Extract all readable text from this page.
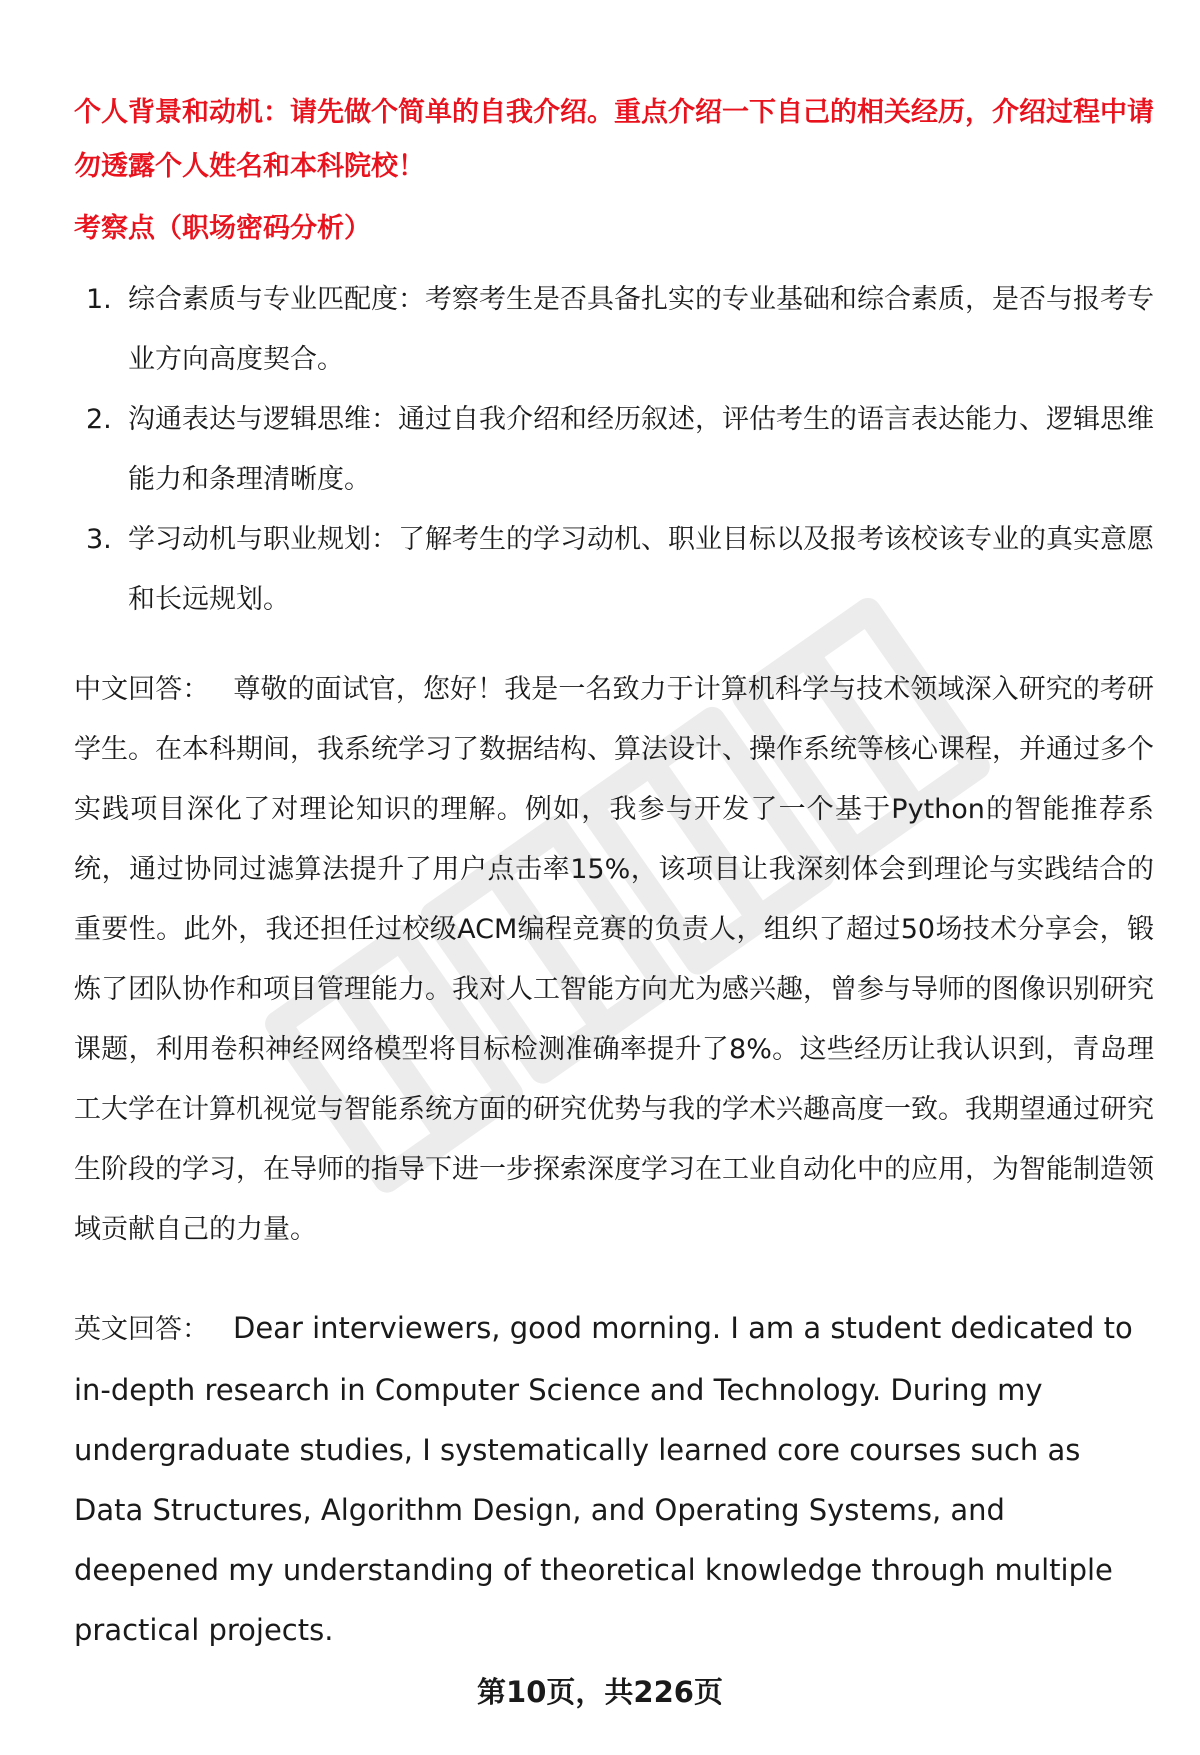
个人背景和动机：请先做个简单的自我介绍。重点介绍一下自己的相关经历，介绍过程中请勿透露个人姓名和本科院校！

考察点（职场密码分析）

1. 综合素质与专业匹配度：考察考生是否具备扎实的专业基础和综合素质，是否与报考专业方向高度契合。
2. 沟通表达与逻辑思维：通过自我介绍和经历叙述，评估考生的语言表达能力、逻辑思维能力和条理清晰度。
3. 学习动机与职业规划：了解考生的学习动机、职业目标以及报考该校该专业的真实意愿和长远规划。

中文回答： 尊敬的面试官，您好！我是一名致力于计算机科学与技术领域深入研究的考研学生。在本科期间，我系统学习了数据结构、算法设计、操作系统等核心课程，并通过多个实践项目深化了对理论知识的理解。例如，我参与开发了一个基于Python的智能推荐系统，通过协同过滤算法提升了用户点击率15%，该项目让我深刻体会到理论与实践结合的重要性。此外，我还担任过校级ACM编程竞赛的负责人，组织了超过50场技术分享会，锻炼了团队协作和项目管理能力。我对人工智能方向尤为感兴趣，曾参与导师的图像识别研究课题，利用卷积神经网络模型将目标检测准确率提升了8%。这些经历让我认识到，青岛理工大学在计算机视觉与智能系统方面的研究优势与我的学术兴趣高度一致。我期望通过研究生阶段的学习，在导师的指导下进一步探索深度学习在工业自动化中的应用，为智能制造领域贡献自己的力量。

英文回答： Dear interviewers, good morning. I am a student dedicated to in-depth research in Computer Science and Technology. During my undergraduate studies, I systematically learned core courses such as Data Structures, Algorithm Design, and Operating Systems, and deepened my understanding of theoretical knowledge through multiple practical projects.

第10页，共226页
